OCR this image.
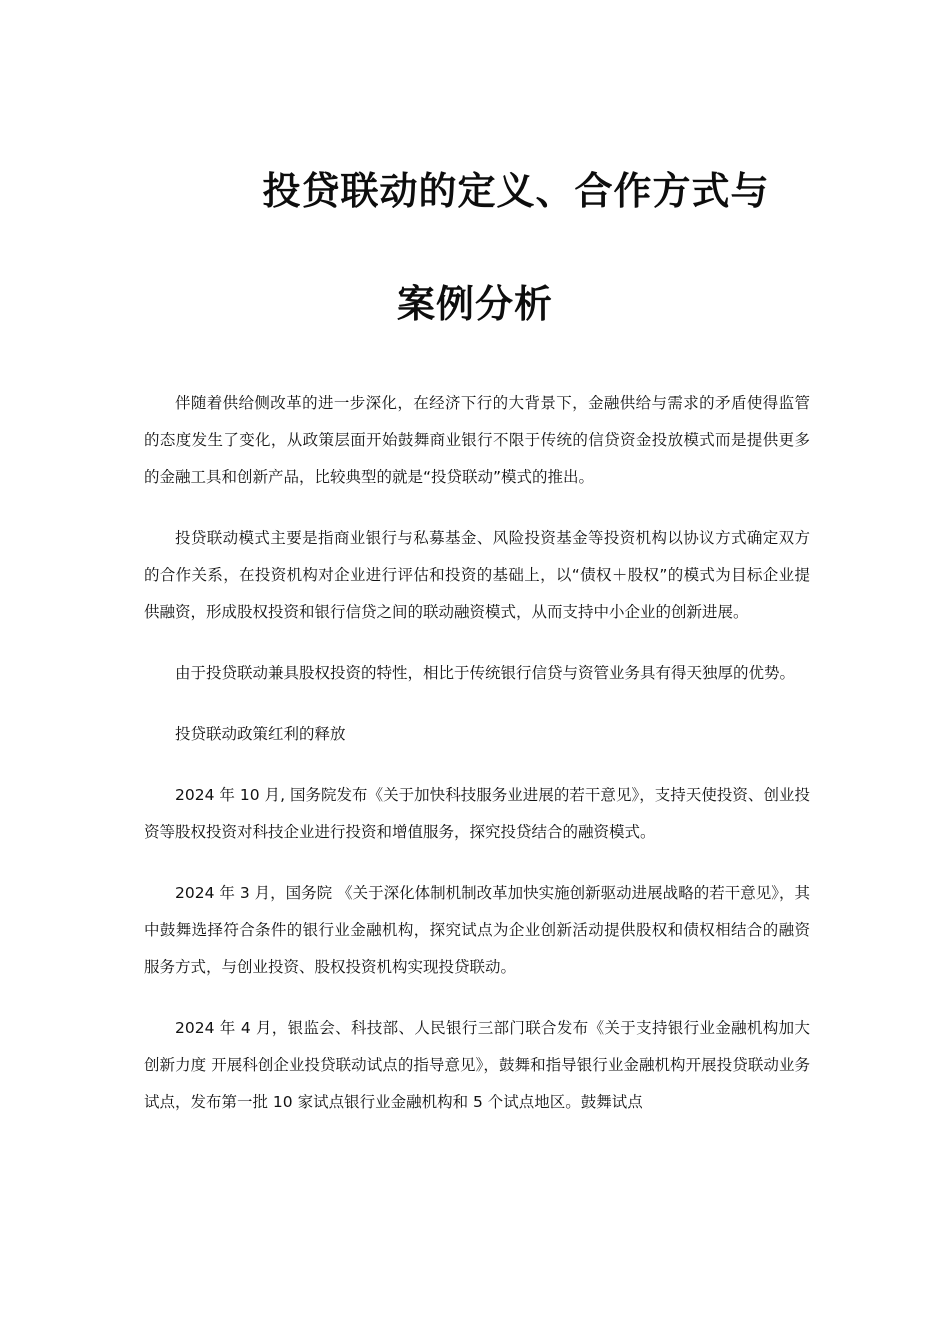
投贷联动的定义、合作方式与
案例分析

伴随着供给侧改革的进一步深化，在经济下行的大背景下，金融供给与需求的矛盾使得监管的态度发生了变化，从政策层面开始鼓舞商业银行不限于传统的信贷资金投放模式而是提供更多的金融工具和创新产品，比较典型的就是“投贷联动”模式的推出。

投贷联动模式主要是指商业银行与私募基金、风险投资基金等投资机构以协议方式确定双方的合作关系，在投资机构对企业进行评估和投资的基础上，以“债权＋股权”的模式为目标企业提供融资，形成股权投资和银行信贷之间的联动融资模式，从而支持中小企业的创新进展。

由于投贷联动兼具股权投资的特性，相比于传统银行信贷与资管业务具有得天独厚的优势。

投贷联动政策红利的释放

2024 年 10 月, 国务院发布《关于加快科技服务业进展的若干意见》，支持天使投资、创业投资等股权投资对科技企业进行投资和增值服务，探究投贷结合的融资模式。

2024 年 3 月，国务院 《关于深化体制机制改革加快实施创新驱动进展战略的若干意见》，其中鼓舞选择符合条件的银行业金融机构，探究试点为企业创新活动提供股权和债权相结合的融资服务方式，与创业投资、股权投资机构实现投贷联动。

2024 年 4 月，银监会、科技部、人民银行三部门联合发布《关于支持银行业金融机构加大创新力度 开展科创企业投贷联动试点的指导意见》，鼓舞和指导银行业金融机构开展投贷联动业务试点，发布第一批 10 家试点银行业金融机构和 5 个试点地区。鼓舞试点
